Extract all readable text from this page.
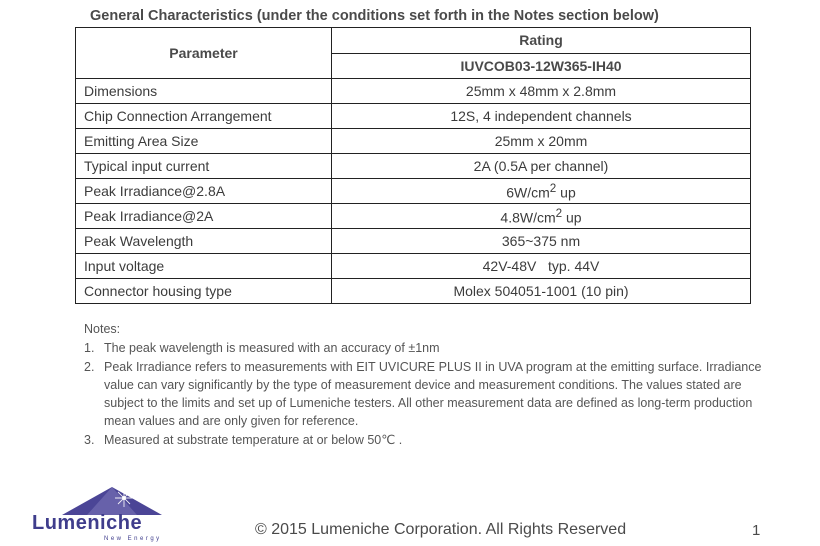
General Characteristics (under the conditions set forth in the Notes section below)
Parameter	Rating
	IUVCOB03-12W365-IH40
Dimensions	25mm x 48mm x 2.8mm
Chip Connection Arrangement	12S, 4 independent channels
Emitting Area Size	25mm x 20mm
Typical input current	2A (0.5A per channel)
Peak Irradiance@2.8A	$6W/cm^2$ up
Peak Irradiance@2A	$4.8W/cm^2$ up
Peak Wavelength	365~375 nm
Input voltage	42V-48V   typ. 44V
Connector housing type	Molex 504051-1001 (10 pin)
Notes:
1. The peak wavelength is measured with an accuracy of ±1nm
2. Peak Irradiance refers to measurements with EIT UVICURE PLUS II in UVA program at the emitting surface. Irradiance value can vary significantly by the type of measurement device and measurement conditions. The values stated are subject to the limits and set up of Lumeniche testers. All other measurement data are defined as long-term production mean values and are only given for reference.
3. Measured at substrate temperature at or below 50℃ .
Lumeniche
New Energy
© 2015 Lumeniche Corporation. All Rights Reserved	1
